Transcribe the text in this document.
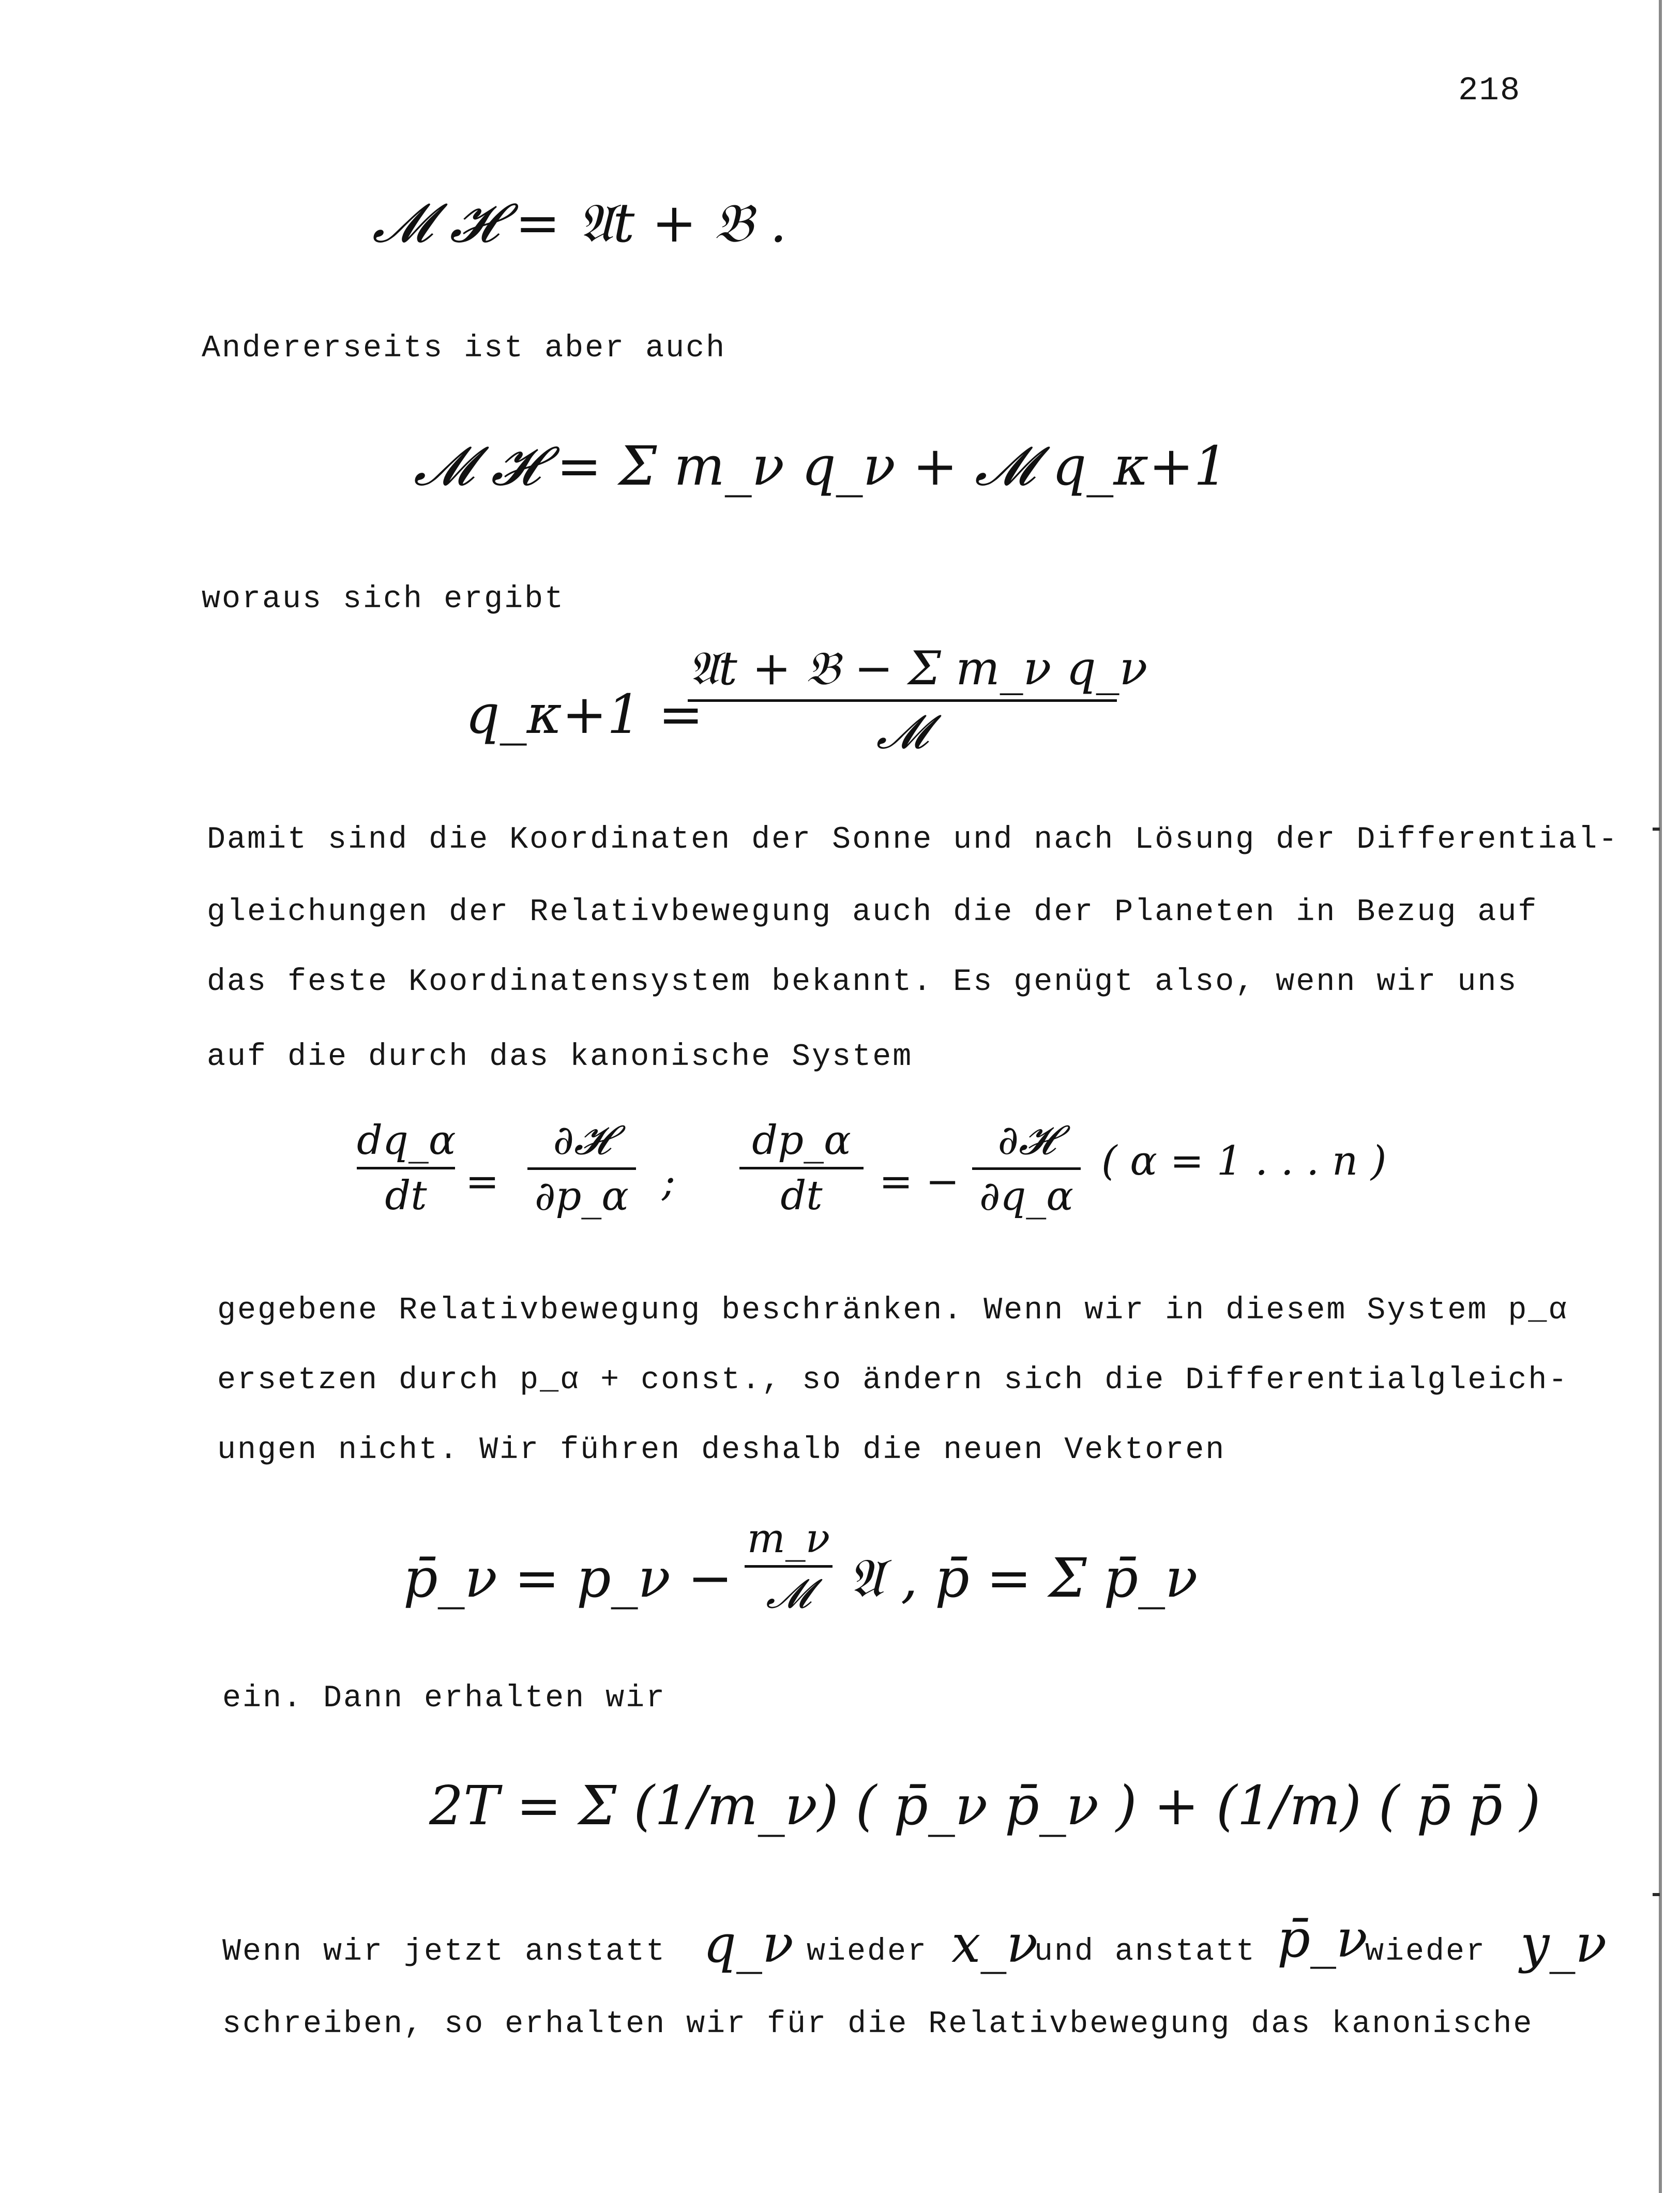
218
𝓜 𝓗 = 𝔄t + 𝔅 .
Andererseits ist aber auch
𝓜 𝓗 = Σ m_ν q_ν + 𝓜 q_κ+1
woraus sich ergibt
q_κ+1 =
𝔄t + 𝔅 − Σ m_ν q_ν
𝓜
Damit sind die Koordinaten der Sonne und nach Lösung der Differential-
gleichungen der Relativbewegung auch die der Planeten in Bezug auf
das feste Koordinatensystem bekannt. Es genügt also, wenn wir uns
auf die durch das kanonische System
dq_α
dt =
∂𝓗
∂p_α ;
dp_α
dt	= −
∂𝓗
∂q_α
( α = 1 . . . n )
gegebene Relativbewegung beschränken. Wenn wir in diesem System p_α
ersetzen durch p_α + const., so ändern sich die Differentialgleich-
ungen nicht. Wir führen deshalb die neuen Vektoren
p̄_ν = p_ν −
m_ν
𝓜 𝔄 , p̄ = Σ p̄_ν
ein. Dann erhalten wir
2T = Σ (1/m_ν) ( p̄_ν p̄_ν ) + (1/m) ( p̄ p̄ )
Wenn wir jetzt anstatt q_ν wieder x_ν
und anstatt p̄_ν
wieder y_ν
schreiben, so erhalten wir für die Relativbewegung das kanonische
